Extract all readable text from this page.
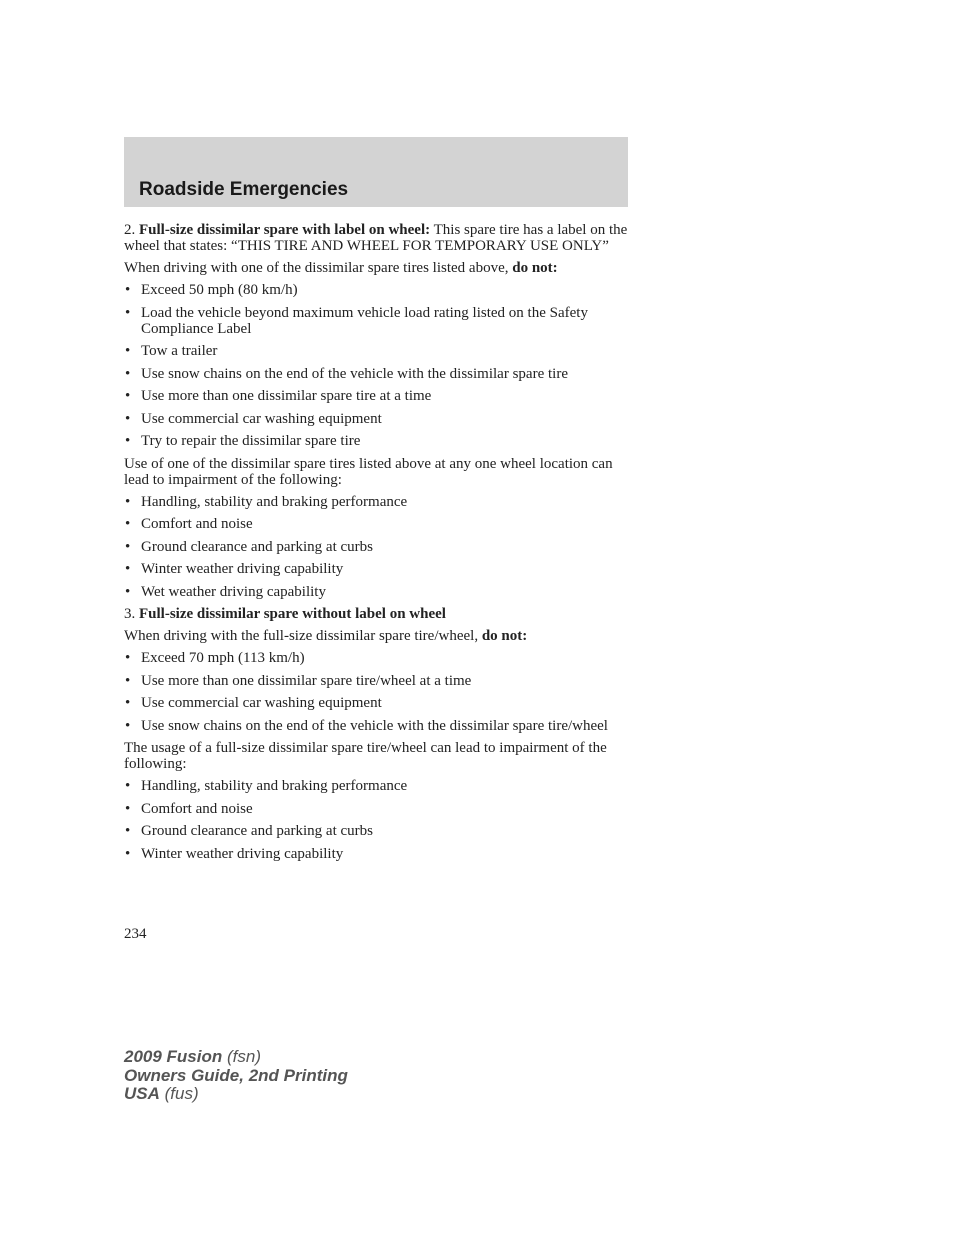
Roadside Emergencies

2. Full-size dissimilar spare with label on wheel: This spare tire has a label on the wheel that states: “THIS TIRE AND WHEEL FOR TEMPORARY USE ONLY”

When driving with one of the dissimilar spare tires listed above, do not:

• Exceed 50 mph (80 km/h)
• Load the vehicle beyond maximum vehicle load rating listed on the Safety Compliance Label
• Tow a trailer
• Use snow chains on the end of the vehicle with the dissimilar spare tire
• Use more than one dissimilar spare tire at a time
• Use commercial car washing equipment
• Try to repair the dissimilar spare tire

Use of one of the dissimilar spare tires listed above at any one wheel location can lead to impairment of the following:

• Handling, stability and braking performance
• Comfort and noise
• Ground clearance and parking at curbs
• Winter weather driving capability
• Wet weather driving capability

3. Full-size dissimilar spare without label on wheel

When driving with the full-size dissimilar spare tire/wheel, do not:

• Exceed 70 mph (113 km/h)
• Use more than one dissimilar spare tire/wheel at a time
• Use commercial car washing equipment
• Use snow chains on the end of the vehicle with the dissimilar spare tire/wheel

The usage of a full-size dissimilar spare tire/wheel can lead to impairment of the following:

• Handling, stability and braking performance
• Comfort and noise
• Ground clearance and parking at curbs
• Winter weather driving capability
234
2009 Fusion (fsn)
Owners Guide, 2nd Printing
USA (fus)
